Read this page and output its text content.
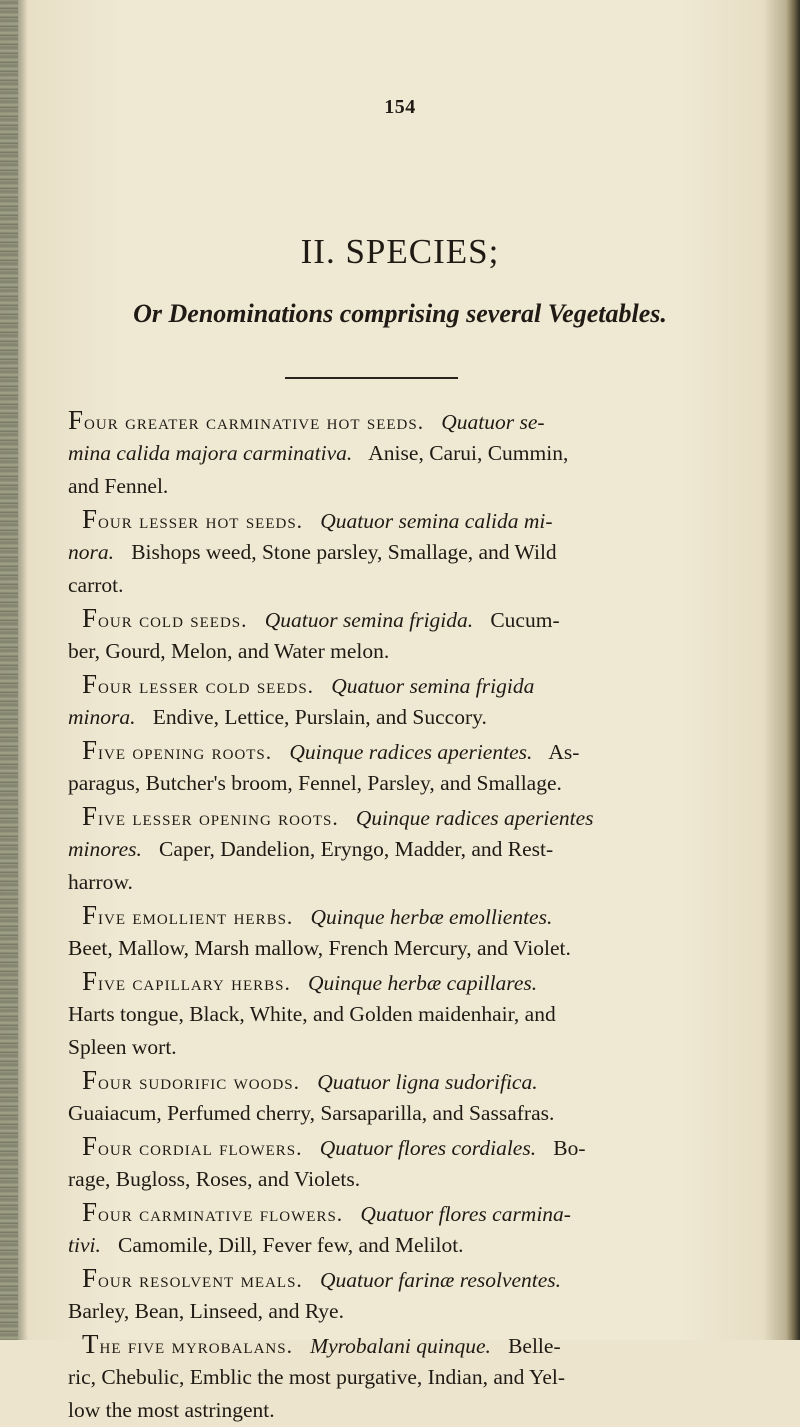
154
II. SPECIES;
Or Denominations comprising several Vegetables.
Four greater carminative hot seeds. Quatuor se-
mina calida majora carminativa. Anise, Carui, Cummin,
and Fennel.
Four lesser hot seeds. Quatuor semina calida mi-
nora. Bishops weed, Stone parsley, Smallage, and Wild
carrot.
Four cold seeds. Quatuor semina frigida. Cucum-
ber, Gourd, Melon, and Water melon.
Four lesser cold seeds. Quatuor semina frigida
minora. Endive, Lettice, Purslain, and Succory.
Five opening roots. Quinque radices aperientes. As-
paragus, Butcher's broom, Fennel, Parsley, and Smallage.
Five lesser opening roots. Quinque radices aperientes
minores. Caper, Dandelion, Eryngo, Madder, and Rest-
harrow.
Five emollient herbs. Quinque herbæ emollientes.
Beet, Mallow, Marsh mallow, French Mercury, and Violet.
Five capillary herbs. Quinque herbæ capillares.
Harts tongue, Black, White, and Golden maidenhair, and
Spleen wort.
Four sudorific woods. Quatuor ligna sudorifica.
Guaiacum, Perfumed cherry, Sarsaparilla, and Sassafras.
Four cordial flowers. Quatuor flores cordiales. Bo-
rage, Bugloss, Roses, and Violets.
Four carminative flowers. Quatuor flores carmina-
tivi. Camomile, Dill, Fever few, and Melilot.
Four resolvent meals. Quatuor farinæ resolventes.
Barley, Bean, Linseed, and Rye.
The five myrobalans. Myrobalani quinque. Belle-
ric, Chebulic, Emblic the most purgative, Indian, and Yel-
low the most astringent.
